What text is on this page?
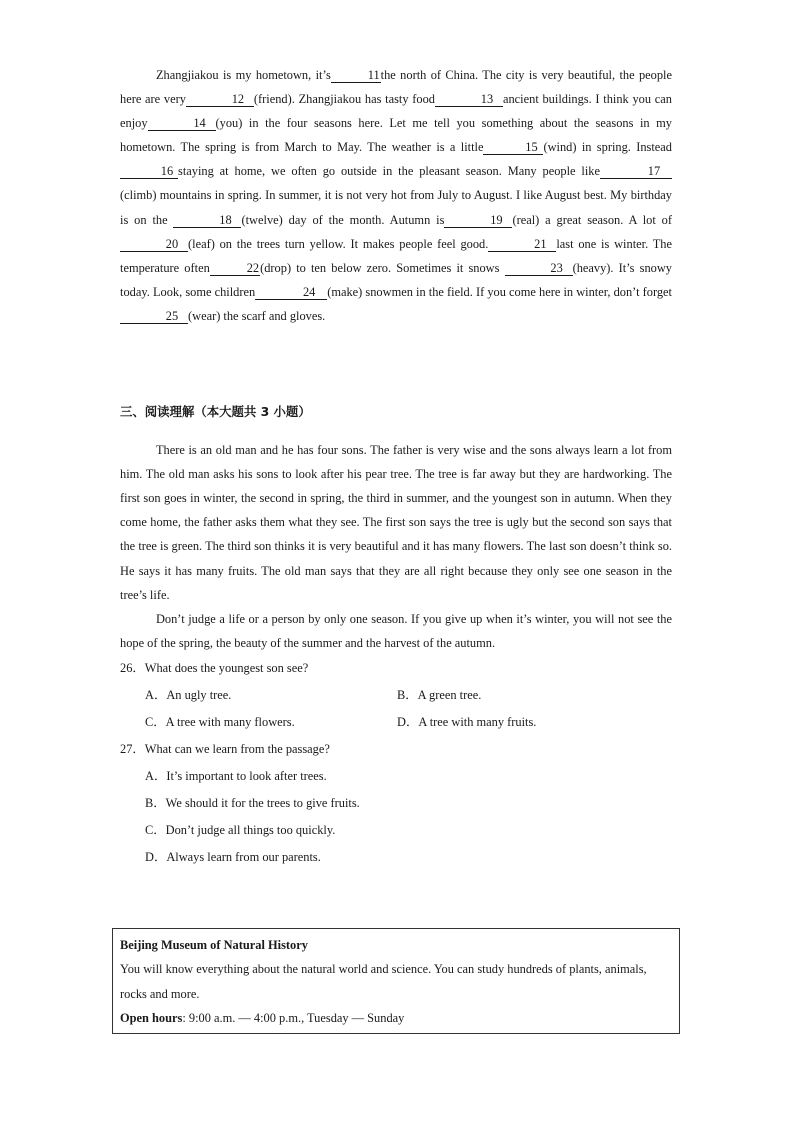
Zhangjiakou is my hometown, it’s	11the north of China. The city is very beautiful, the people here are very	12 (friend). Zhangjiakou has tasty food	13 ancient buildings. I think you can enjoy	14 (you) in the four seasons here. Let me tell you something about the seasons in my hometown. The spring is from March to May. The weather is a little	15 (wind) in spring. Instead16 staying at home, we often go outside in the pleasant season. Many people like	17(climb) mountains in spring. In summer, it is not very hot from July to August. I like August best. My birthday is on the	18 (twelve) day of the month. Autumn is	19 (real) a great season. A lot of20 (leaf) on the trees turn yellow. It makes people feel good.	21 last one is winter. The temperature often	22(drop) to ten below zero. Sometimes it snows	23 (heavy). It’s snowy today. Look, some children	24 (make) snowmen in the field. If you come here in winter, don’t forget25 (wear) the scarf and gloves.

三、阅读理解（本大题共 3 小题）

There is an old man and he has four sons. The father is very wise and the sons always learn a lot from him. The old man asks his sons to look after his pear tree. The tree is far away but they are hardworking. The first son goes in winter, the second in spring, the third in summer, and the youngest son in autumn. When they come home, the father asks them what they see. The first son says the tree is ugly but the second son says that the tree is green. The third son thinks it is very beautiful and it has many flowers. The last son doesn’t think so. He says it has many fruits. The old man says that they are all right because they only see one season in the tree’s life.

Don’t judge a life or a person by only one season. If you give up when it’s winter, you will not see the hope of the spring, the beauty of the summer and the harvest of the autumn.

26．What does the youngest son see?

A．An ugly tree.	B．A green tree.
C．A tree with many flowers.	D．A tree with many fruits.

27．What can we learn from the passage?

A．It’s important to look after trees.
B．We should it for the trees to give fruits.
C．Don’t judge all things too quickly.
D．Always learn from our parents.

Beijing Museum of Natural History

You will know everything about the natural world and science. You can study hundreds of plants, animals, rocks and more.

Open hours: 9:00 a.m. — 4:00 p.m., Tuesday — Sunday
